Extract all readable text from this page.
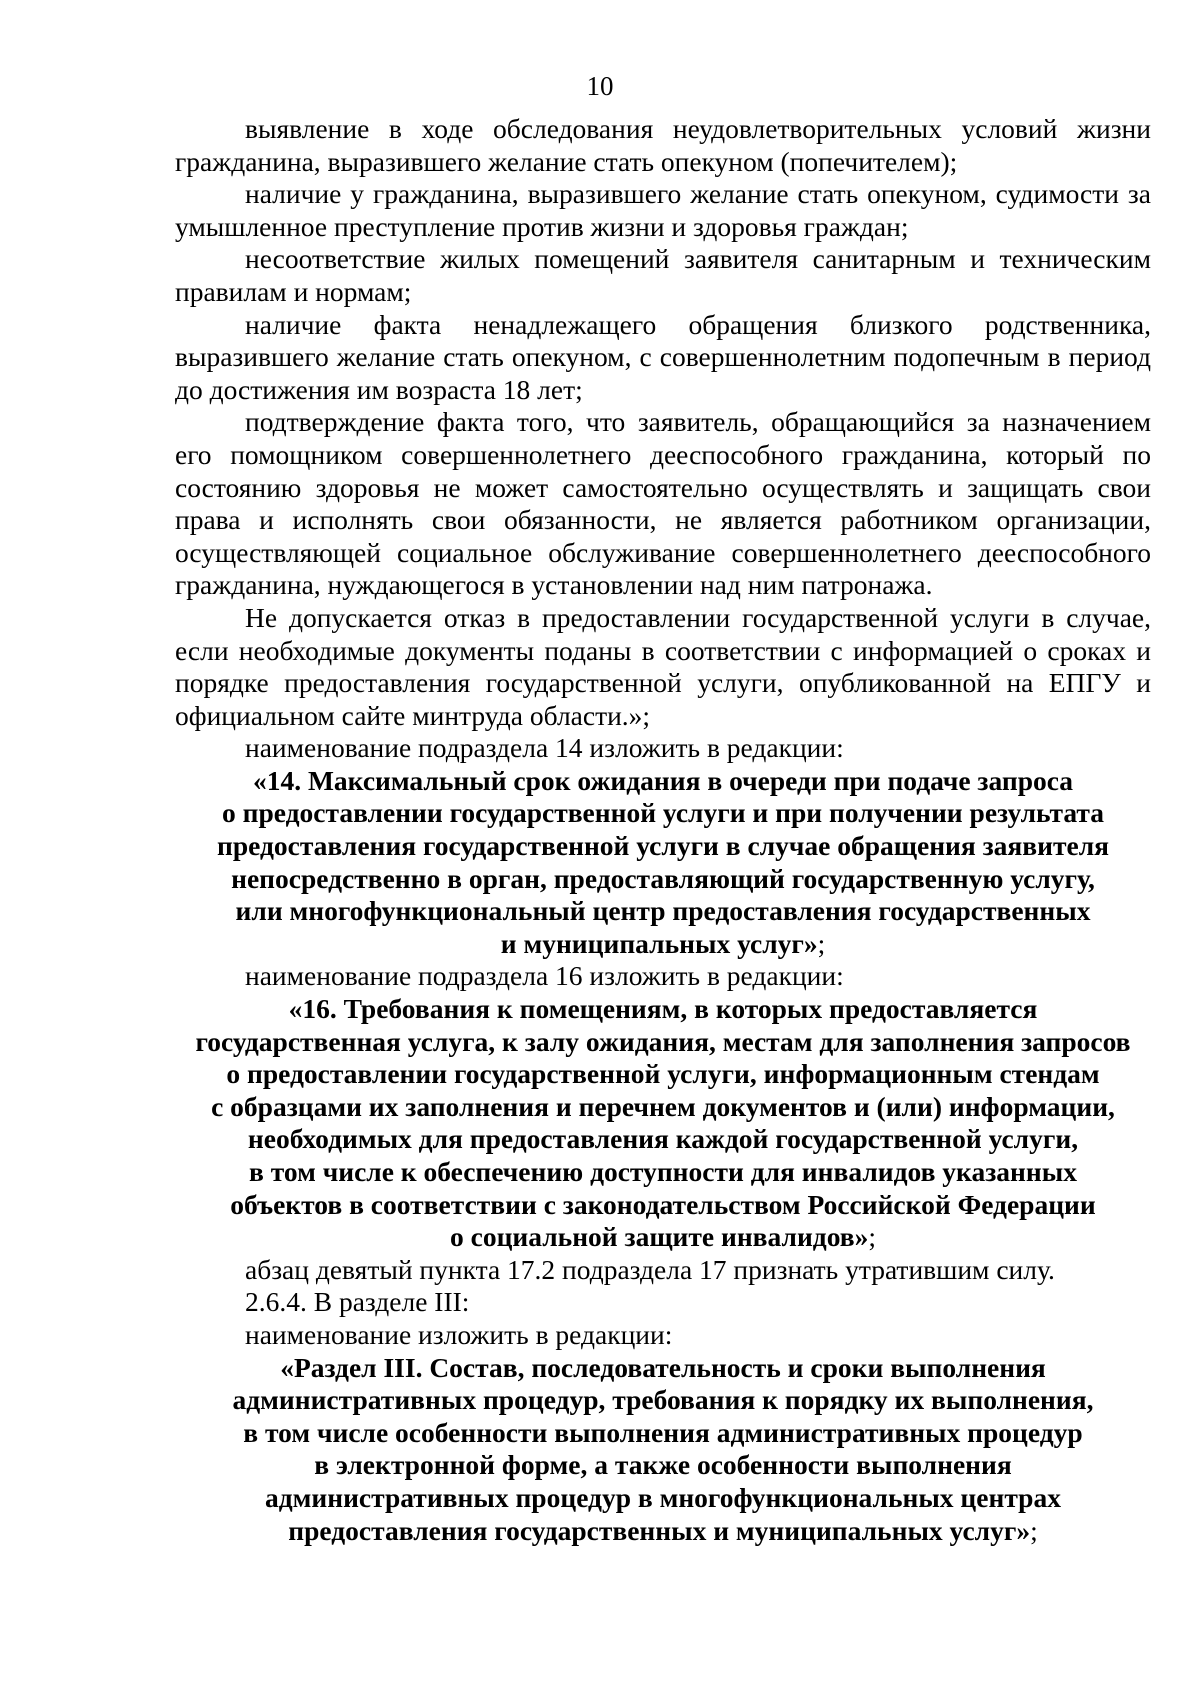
10

выявление в ходе обследования неудовлетворительных условий жизни гражданина, выразившего желание стать опекуном (попечителем);

наличие у гражданина, выразившего желание стать опекуном, судимости за умышленное преступление против жизни и здоровья граждан;

несоответствие жилых помещений заявителя санитарным и техническим правилам и нормам;

наличие факта ненадлежащего обращения близкого родственника, выразившего желание стать опекуном, с совершеннолетним подопечным в период до достижения им возраста 18 лет;

подтверждение факта того, что заявитель, обращающийся за назначением его помощником совершеннолетнего дееспособного гражданина, который по состоянию здоровья не может самостоятельно осуществлять и защищать свои права и исполнять свои обязанности, не является работником организации, осуществляющей социальное обслуживание совершеннолетнего дееспособного гражданина, нуждающегося в установлении над ним патронажа.

Не допускается отказ в предоставлении государственной услуги в случае, если необходимые документы поданы в соответствии с информацией о сроках и порядке предоставления государственной услуги, опубликованной на ЕПГУ и официальном сайте минтруда области.»;

наименование подраздела 14 изложить в редакции:

«14. Максимальный срок ожидания в очереди при подаче запроса
о предоставлении государственной услуги и при получении результата
предоставления государственной услуги в случае обращения заявителя
непосредственно в орган, предоставляющий государственную услугу,
или многофункциональный центр предоставления государственных
и муниципальных услуг»;

наименование подраздела 16 изложить в редакции:

«16. Требования к помещениям, в которых предоставляется
государственная услуга, к залу ожидания, местам для заполнения запросов
о предоставлении государственной услуги, информационным стендам
с образцами их заполнения и перечнем документов и (или) информации,
необходимых для предоставления каждой государственной услуги,
в том числе к обеспечению доступности для инвалидов указанных
объектов в соответствии с законодательством Российской Федерации
о социальной защите инвалидов»;

абзац девятый пункта 17.2 подраздела 17 признать утратившим силу.

2.6.4. В разделе III:

наименование изложить в редакции:

«Раздел III. Состав, последовательность и сроки выполнения
административных процедур, требования к порядку их выполнения,
в том числе особенности выполнения административных процедур
в электронной форме, а также особенности выполнения
административных процедур в многофункциональных центрах
предоставления государственных и муниципальных услуг»;
